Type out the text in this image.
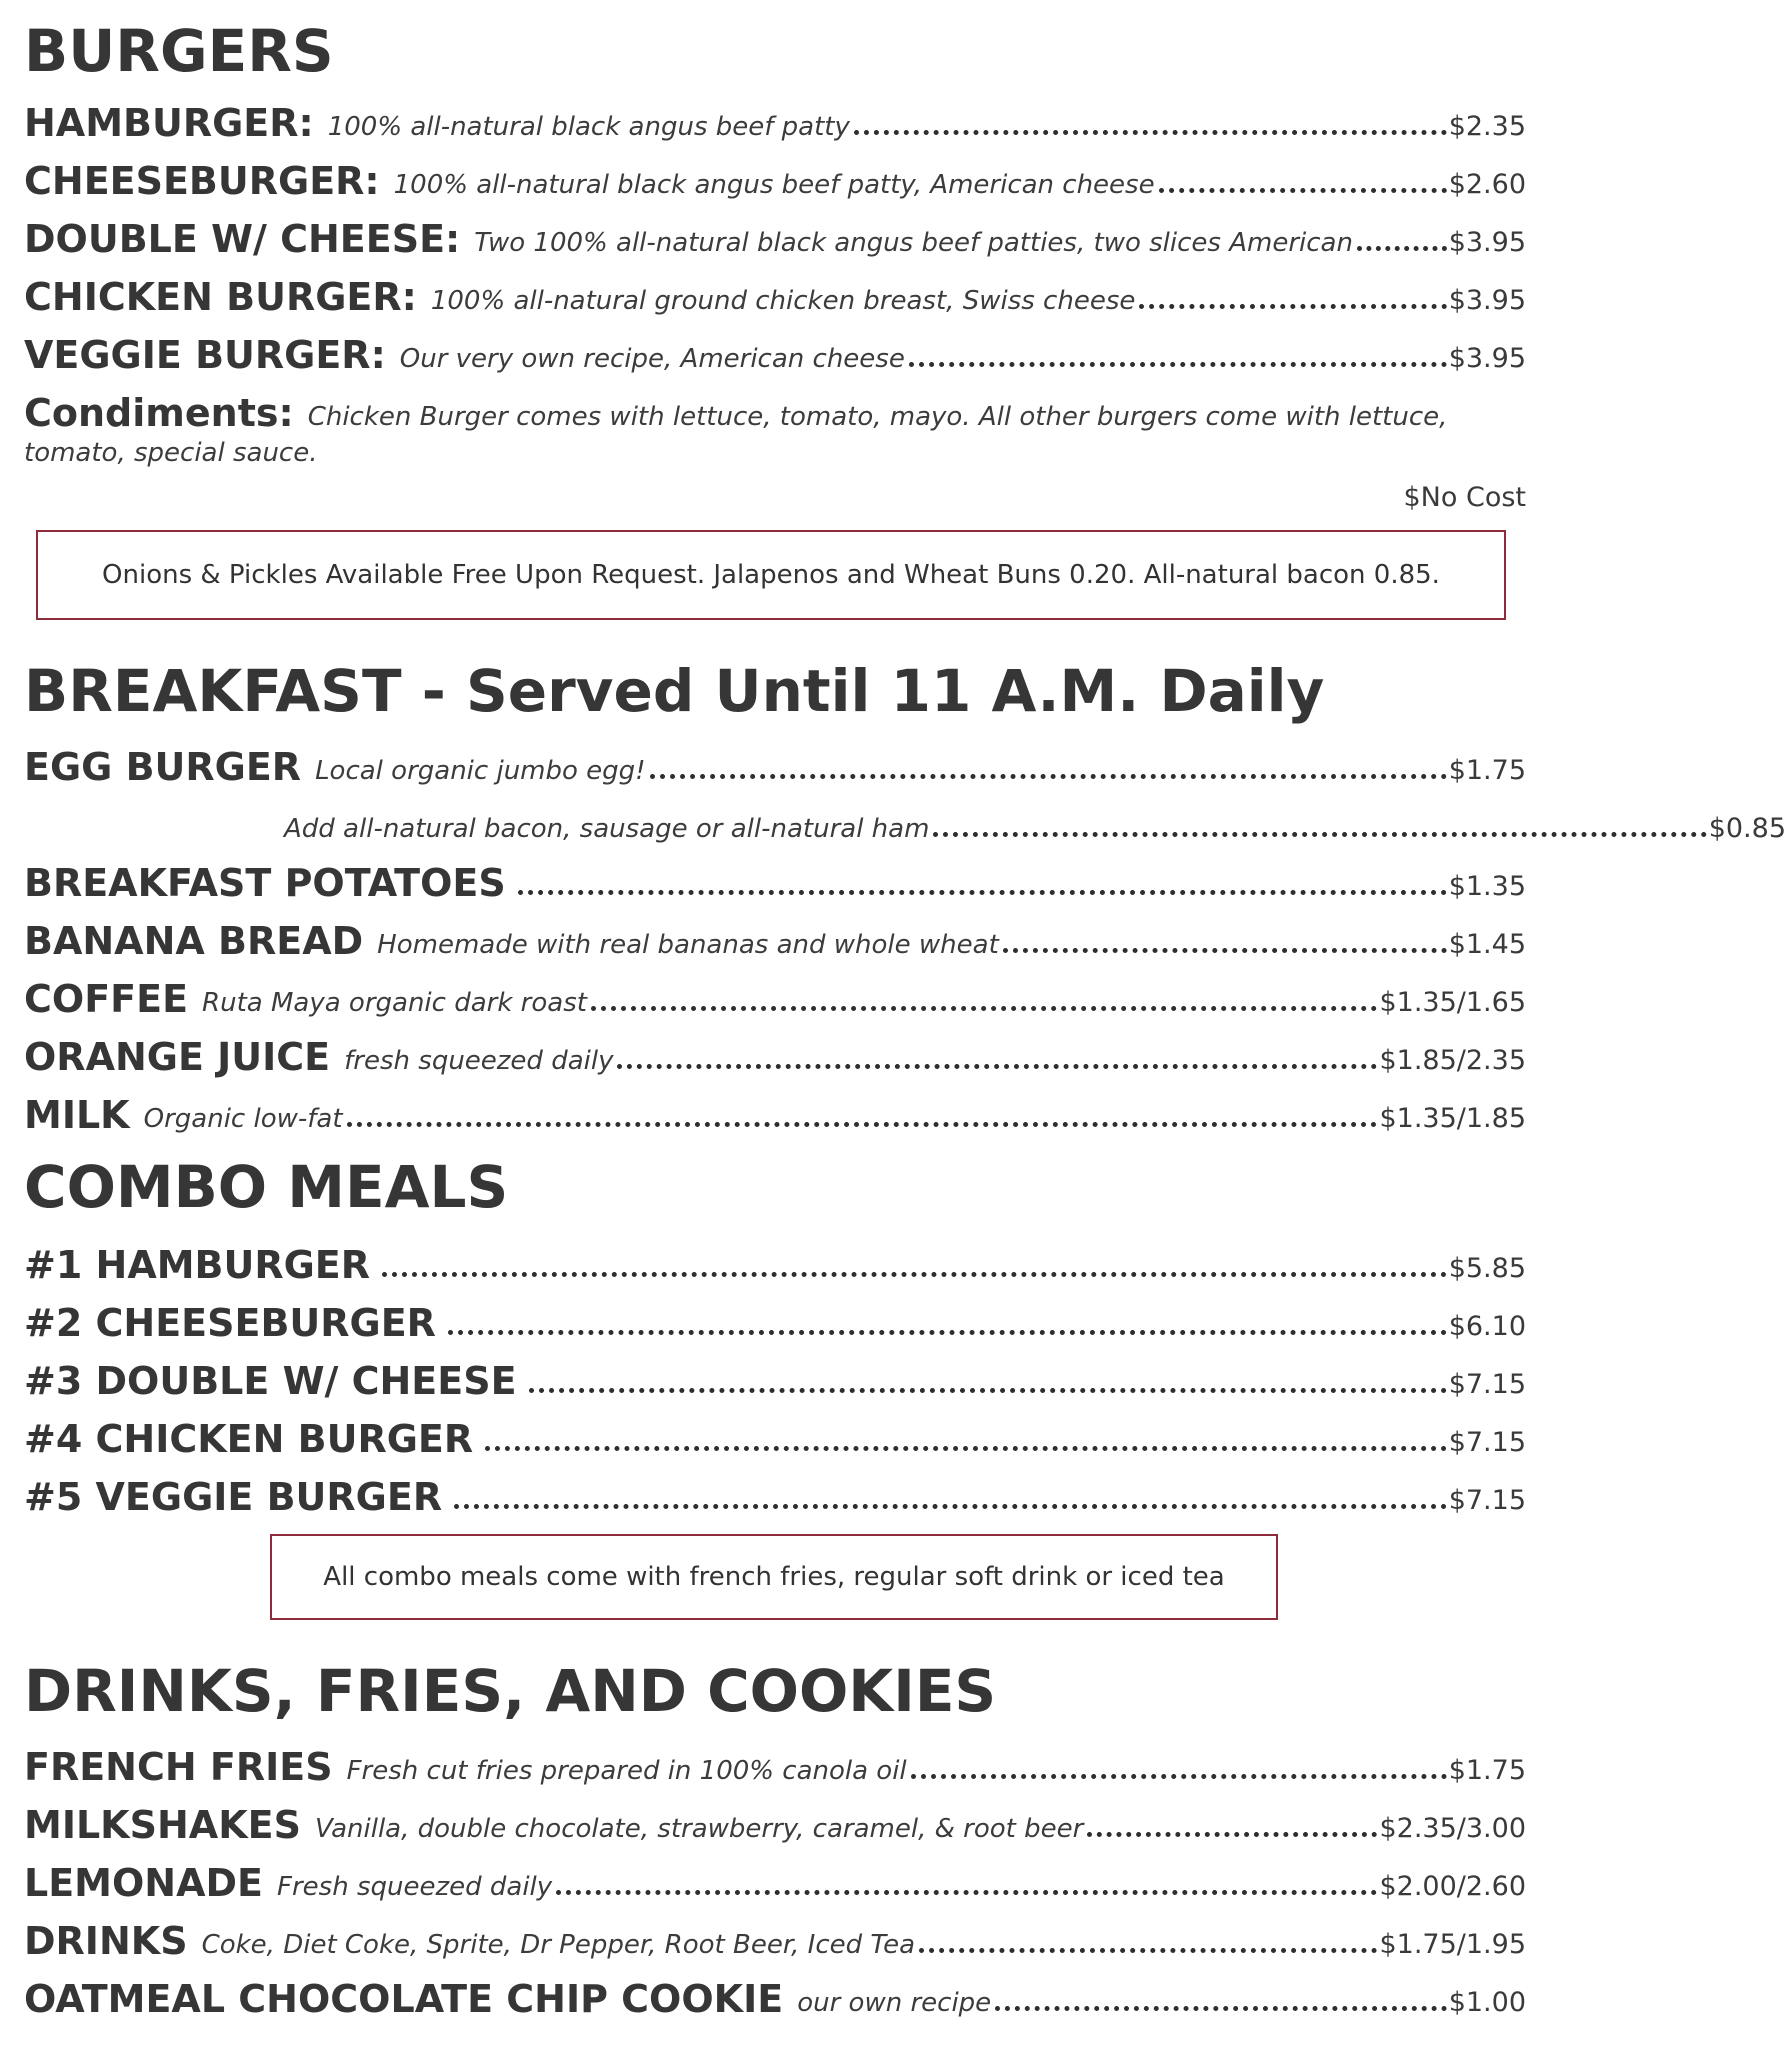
BURGERS
HAMBURGER: 100% all-natural black angus beef patty	$2.35
CHEESEBURGER: 100% all-natural black angus beef patty, American cheese	$2.60
DOUBLE W/ CHEESE: Two 100% all-natural black angus beef patties, two slices American	$3.95
CHICKEN BURGER: 100% all-natural ground chicken breast, Swiss cheese	$3.95
VEGGIE BURGER: Our very own recipe, American cheese	$3.95
Condiments: Chicken Burger comes with lettuce, tomato, mayo. All other burgers come with lettuce,
tomato, special sauce.
$No Cost
Onions & Pickles Available Free Upon Request. Jalapenos and Wheat Buns 0.20. All-natural bacon 0.85.
BREAKFAST - Served Until 11 A.M. Daily
EGG BURGER Local organic jumbo egg!	$1.75
Add all-natural bacon, sausage or all-natural ham	$0.85
BREAKFAST POTATOES	$1.35
BANANA BREAD Homemade with real bananas and whole wheat	$1.45
COFFEE Ruta Maya organic dark roast	$1.35/1.65
ORANGE JUICE fresh squeezed daily	$1.85/2.35
MILK Organic low-fat	$1.35/1.85
COMBO MEALS
#1 HAMBURGER	$5.85
#2 CHEESEBURGER	$6.10
#3 DOUBLE W/ CHEESE	$7.15
#4 CHICKEN BURGER	$7.15
#5 VEGGIE BURGER	$7.15
All combo meals come with french fries, regular soft drink or iced tea
DRINKS, FRIES, AND COOKIES
FRENCH FRIES Fresh cut fries prepared in 100% canola oil	$1.75
MILKSHAKES Vanilla, double chocolate, strawberry, caramel, & root beer	$2.35/3.00
LEMONADE Fresh squeezed daily	$2.00/2.60
DRINKS Coke, Diet Coke, Sprite, Dr Pepper, Root Beer, Iced Tea	$1.75/1.95
OATMEAL CHOCOLATE CHIP COOKIE our own recipe	$1.00
